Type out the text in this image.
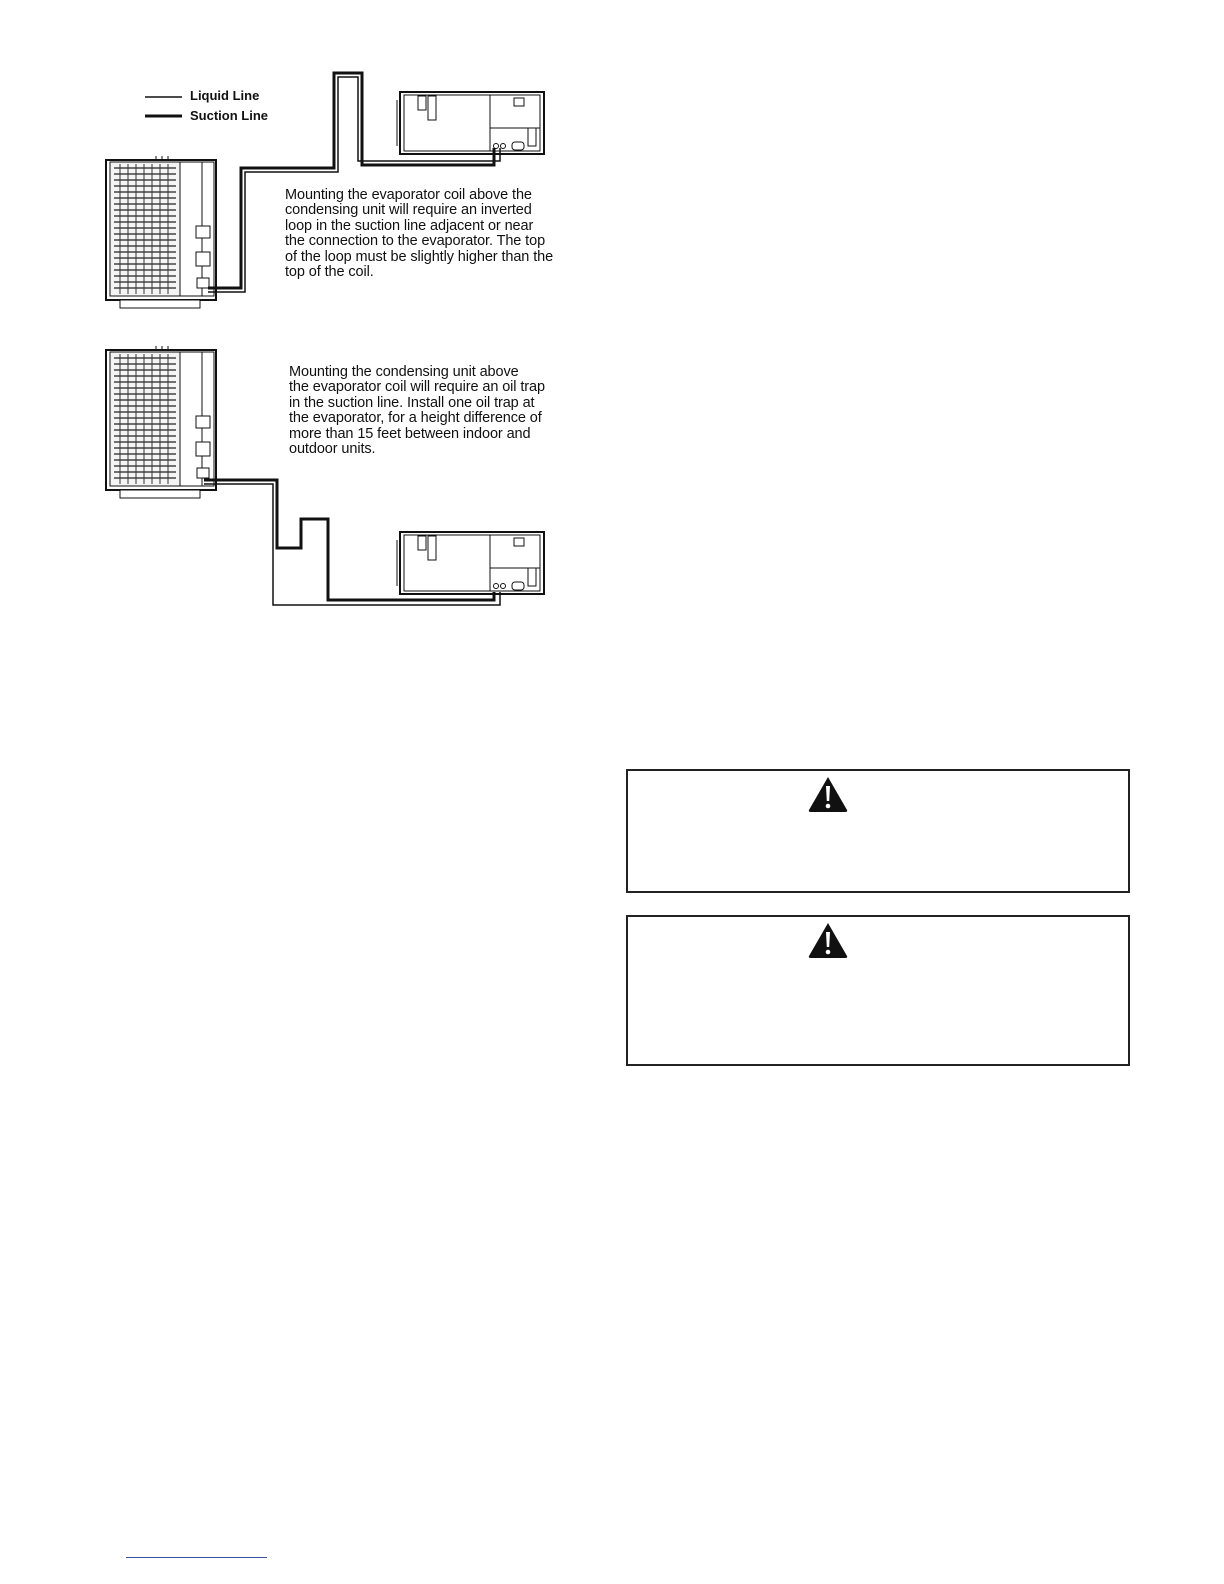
Liquid Line
Suction Line
Mounting the evaporator coil above the
condensing unit will require an inverted
loop in the suction line adjacent or near
the connection to the evaporator. The top
of the loop must be slightly higher than the
top of the coil.
Mounting the condensing unit above
the evaporator coil will require an oil trap
in the suction line. Install one oil trap at
the evaporator, for a height difference of
more than 15 feet between indoor and
outdoor units.
